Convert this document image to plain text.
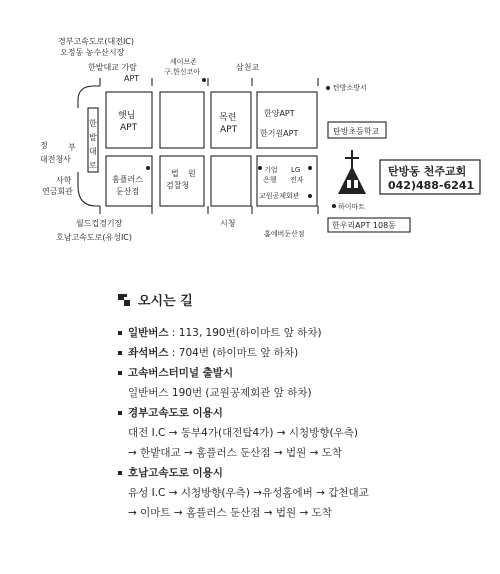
경부고속도로(대전IC)
오정동 농수산시장
한밭대교 가람
APT
세이브존
구.한신코아	삼천교
탄방소방서
햇님
APT
목련
APT
한양APT
한기원APT	탄방초등학교
한
밭
대
로
정	부
대전청사
사학
연금회관
홈플러스
둔산점
법 원
검찰청
기업
은행
LG
전자
교원공제회관
탄방동 천주교회
042)488-6241
하이마트
시청
홈에버둔산점
한우리APT 108동
월드컵경기장
호남고속도로(유성IC)
오시는 길
일반버스 : 113, 190번(하이마트 앞 하차)
좌석버스 : 704번 (하이마트 앞 하차)
고속버스터미널 출발시
일반버스 190번 (교원공제회관 앞 하차)
경부고속도로 이용시
대전 I.C → 동부4가(대전탑4가) → 시청방향(우측)
→ 한밭대교 → 홈플러스 둔산점 → 법원 → 도착
호남고속도로 이용시
유성 I.C → 시청방향(우측) →유성홈에버 → 갑천대교
→ 이마트 → 홈플러스 둔산점 → 법원 → 도착
